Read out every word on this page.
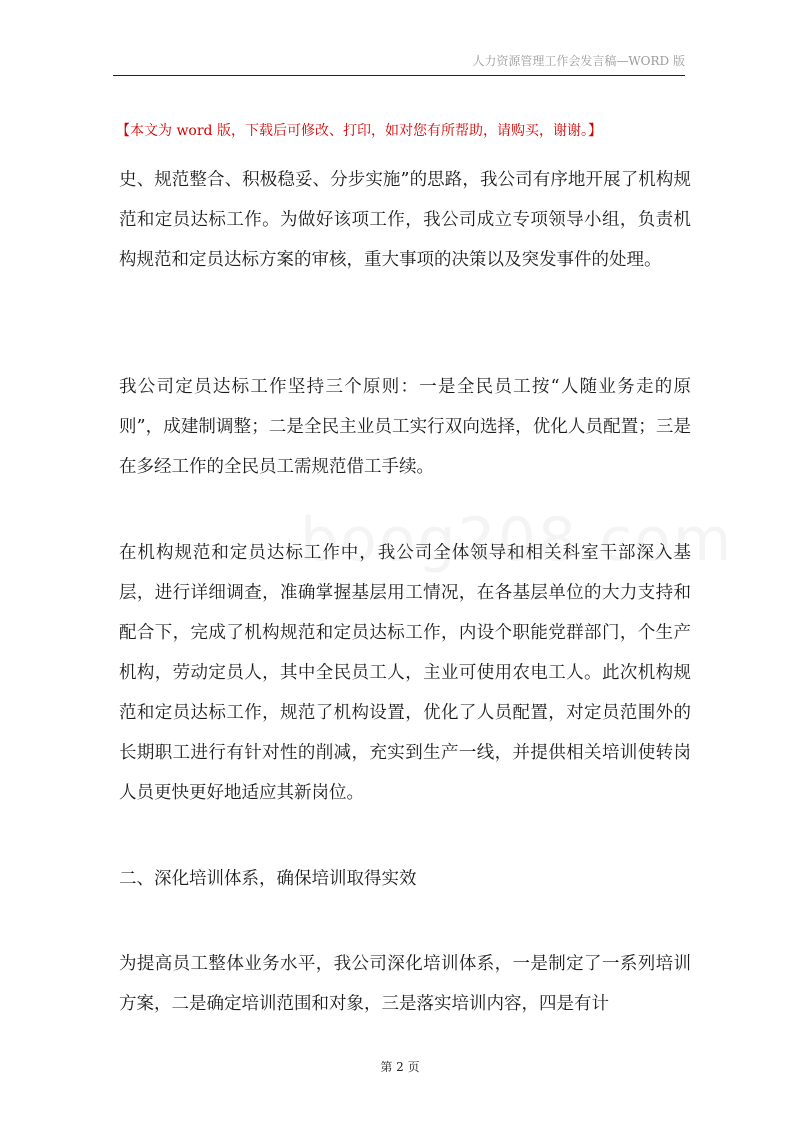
人力资源管理工作会发言稿—WORD 版
【本文为 word 版，下载后可修改、打印，如对您有所帮助，请购买，谢谢。】

史、规范整合、积极稳妥、分步实施”的思路，我公司有序地开展了机构规范和定员达标工作。为做好该项工作，我公司成立专项领导小组，负责机构规范和定员达标方案的审核，重大事项的决策以及突发事件的处理。

我公司定员达标工作坚持三个原则：一是全民员工按“人随业务走的原则”，成建制调整；二是全民主业员工实行双向选择，优化人员配置；三是在多经工作的全民员工需规范借工手续。

在机构规范和定员达标工作中，我公司全体领导和相关科室干部深入基层，进行详细调查，准确掌握基层用工情况，在各基层单位的大力支持和配合下，完成了机构规范和定员达标工作，内设个职能党群部门，个生产机构，劳动定员人，其中全民员工人，主业可使用农电工人。此次机构规范和定员达标工作，规范了机构设置，优化了人员配置，对定员范围外的长期职工进行有针对性的削减，充实到生产一线，并提供相关培训使转岗人员更快更好地适应其新岗位。

二、深化培训体系，确保培训取得实效

为提高员工整体业务水平，我公司深化培训体系，一是制定了一系列培训方案，二是确定培训范围和对象，三是落实培训内容，四是有计

第 2 页
